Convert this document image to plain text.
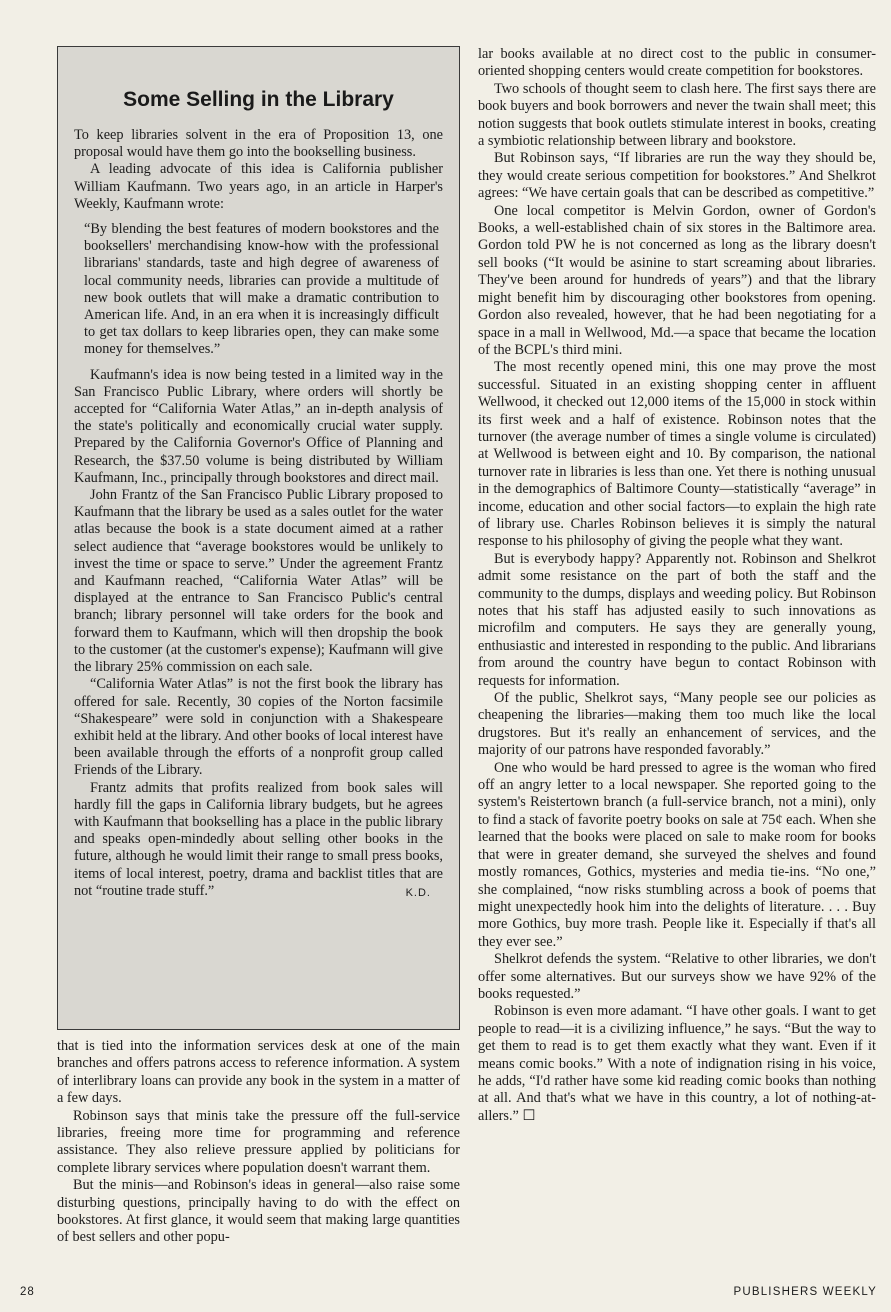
Some Selling in the Library

To keep libraries solvent in the era of Proposition 13, one proposal would have them go into the bookselling business.

A leading advocate of this idea is California publisher William Kaufmann. Two years ago, in an article in Harper's Weekly, Kaufmann wrote:

“By blending the best features of modern bookstores and the booksellers' merchandising know-how with the professional librarians' standards, taste and high degree of awareness of local community needs, libraries can provide a multitude of new book outlets that will make a dramatic contribution to American life. And, in an era when it is increasingly difficult to get tax dollars to keep libraries open, they can make some money for themselves.”

Kaufmann's idea is now being tested in a limited way in the San Francisco Public Library, where orders will shortly be accepted for “California Water Atlas,” an in-depth analysis of the state's politically and economically crucial water supply. Prepared by the California Governor's Office of Planning and Research, the $37.50 volume is being distributed by William Kaufmann, Inc., principally through bookstores and direct mail.

John Frantz of the San Francisco Public Library proposed to Kaufmann that the library be used as a sales outlet for the water atlas because the book is a state document aimed at a rather select audience that “average bookstores would be unlikely to invest the time or space to serve.” Under the agreement Frantz and Kaufmann reached, “California Water Atlas” will be displayed at the entrance to San Francisco Public's central branch; library personnel will take orders for the book and forward them to Kaufmann, which will then dropship the book to the customer (at the customer's expense); Kaufmann will give the library 25% commission on each sale.

“California Water Atlas” is not the first book the library has offered for sale. Recently, 30 copies of the Norton facsimile “Shakespeare” were sold in conjunction with a Shakespeare exhibit held at the library. And other books of local interest have been available through the efforts of a nonprofit group called Friends of the Library.

Frantz admits that profits realized from book sales will hardly fill the gaps in California library budgets, but he agrees with Kaufmann that bookselling has a place in the public library and speaks open-mindedly about selling other books in the future, although he would limit their range to small press books, items of local interest, poetry, drama and backlist titles that are not “routine trade stuff.”	K.D.

that is tied into the information services desk at one of the main branches and offers patrons access to reference information. A system of interlibrary loans can provide any book in the system in a matter of a few days.

Robinson says that minis take the pressure off the full-service libraries, freeing more time for programming and reference assistance. They also relieve pressure applied by politicians for complete library services where population doesn't warrant them.

But the minis—and Robinson's ideas in general—also raise some disturbing questions, principally having to do with the effect on bookstores. At first glance, it would seem that making large quantities of best sellers and other popu-

lar books available at no direct cost to the public in consumer-oriented shopping centers would create competition for bookstores.

Two schools of thought seem to clash here. The first says there are book buyers and book borrowers and never the twain shall meet; this notion suggests that book outlets stimulate interest in books, creating a symbiotic relationship between library and bookstore.

But Robinson says, “If libraries are run the way they should be, they would create serious competition for bookstores.” And Shelkrot agrees: “We have certain goals that can be described as competitive.”

One local competitor is Melvin Gordon, owner of Gordon's Books, a well-established chain of six stores in the Baltimore area. Gordon told PW he is not concerned as long as the library doesn't sell books (“It would be asinine to start screaming about libraries. They've been around for hundreds of years”) and that the library might benefit him by discouraging other bookstores from opening. Gordon also revealed, however, that he had been negotiating for a space in a mall in Wellwood, Md.—a space that became the location of the BCPL's third mini.

The most recently opened mini, this one may prove the most successful. Situated in an existing shopping center in affluent Wellwood, it checked out 12,000 items of the 15,000 in stock within its first week and a half of existence. Robinson notes that the turnover (the average number of times a single volume is circulated) at Wellwood is between eight and 10. By comparison, the national turnover rate in libraries is less than one. Yet there is nothing unusual in the demographics of Baltimore County—statistically “average” in income, education and other social factors—to explain the high rate of library use. Charles Robinson believes it is simply the natural response to his philosophy of giving the people what they want.

But is everybody happy? Apparently not. Robinson and Shelkrot admit some resistance on the part of both the staff and the community to the dumps, displays and weeding policy. But Robinson notes that his staff has adjusted easily to such innovations as microfilm and computers. He says they are generally young, enthusiastic and interested in responding to the public. And librarians from around the country have begun to contact Robinson with requests for information.

Of the public, Shelkrot says, “Many people see our policies as cheapening the libraries—making them too much like the local drugstores. But it's really an enhancement of services, and the majority of our patrons have responded favorably.”

One who would be hard pressed to agree is the woman who fired off an angry letter to a local newspaper. She reported going to the system's Reistertown branch (a full-service branch, not a mini), only to find a stack of favorite poetry books on sale at 75¢ each. When she learned that the books were placed on sale to make room for books that were in greater demand, she surveyed the shelves and found mostly romances, Gothics, mysteries and media tie-ins. “No one,” she complained, “now risks stumbling across a book of poems that might unexpectedly hook him into the delights of literature. . . . Buy more Gothics, buy more trash. People like it. Especially if that's all they ever see.”

Shelkrot defends the system. “Relative to other libraries, we don't offer some alternatives. But our surveys show we have 92% of the books requested.”

Robinson is even more adamant. “I have other goals. I want to get people to read—it is a civilizing influence,” he says. “But the way to get them to read is to get them exactly what they want. Even if it means comic books.” With a note of indignation rising in his voice, he adds, “I'd rather have some kid reading comic books than nothing at all. And that's what we have in this country, a lot of nothing-at-allers.” ☐

28	PUBLISHERS WEEKLY
